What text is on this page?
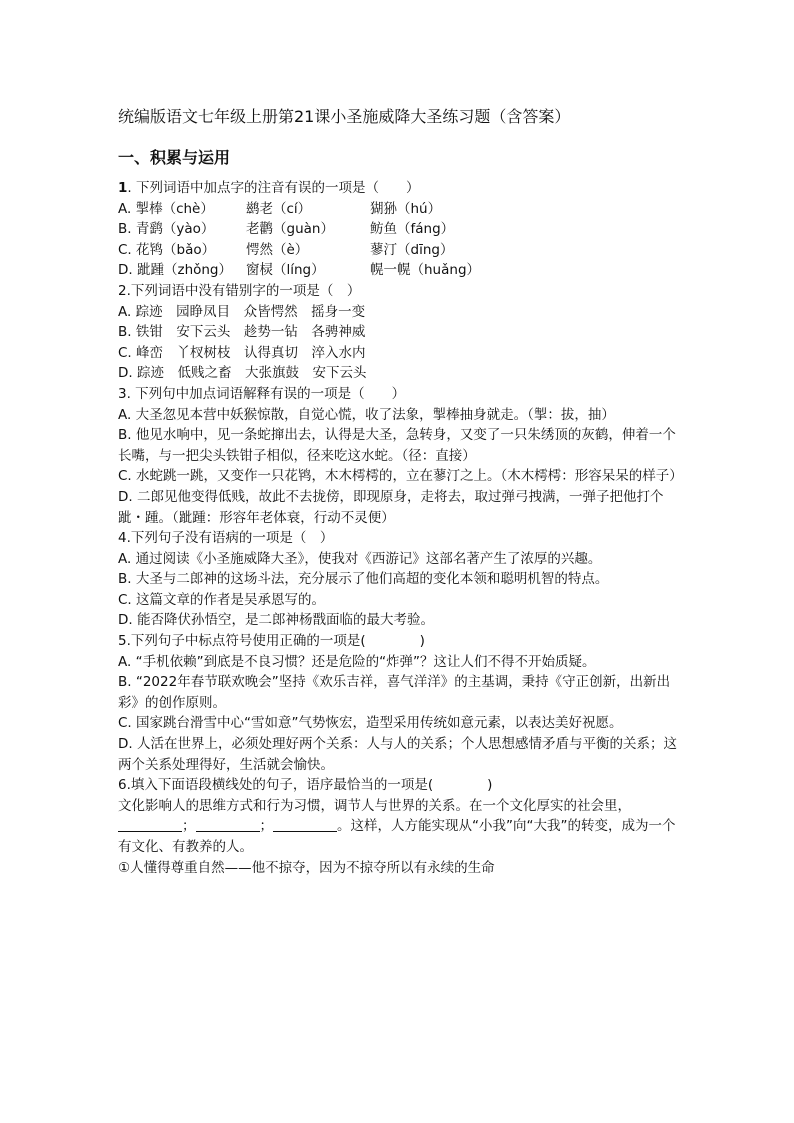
统编版语文七年级上册第21课小圣施威降大圣练习题（含答案）
一、积累与运用
1. 下列词语中加点字的注音有误的一项是（　　）
A. 掣棒（chè）	鹚老（cí）	猢狲（hú）
B. 青鹞（yào）	老鹳（guàn）	鲂鱼（fáng）
C. 花鸨（bǎo）	愕然（è）	蓼汀（dīng）
D. 跐踵（zhǒng）	窗棂（líng）	幌一幌（huǎng）
2.下列词语中没有错别字的一项是（　）
A. 踪迹　园睁凤目　众皆愕然　摇身一变
B. 铁钳　安下云头　趁势一钻　各骋神威
C. 峰峦　丫杈树枝　认得真切　淬入水内
D. 踪迹　低贱之畜　大张旗鼓　安下云头
3. 下列句中加点词语解释有误的一项是（　　）
A. 大圣忽见本营中妖猴惊散，自觉心慌，收了法象，掣棒抽身就走。（掣：拔，抽）
B. 他见水响中，见一条蛇撺出去，认得是大圣，急转身，又变了一只朱绣顶的灰鹤，伸着一个长嘴，与一把尖头铁钳子相似，径来吃这水蛇。（径：直接）
C. 水蛇跳一跳，又变作一只花鸨，木木樗樗的，立在蓼汀之上。（木木樗樗：形容呆呆的样子）
D. 二郎见他变得低贱，故此不去拢傍，即现原身，走将去，取过弹弓拽满，一弹子把他打个跐・踵。（跐踵：形容年老体衰，行动不灵便）
4.下列句子没有语病的一项是（　）
A. 通过阅读《小圣施威降大圣》，使我对《西游记》这部名著产生了浓厚的兴趣。
B. 大圣与二郎神的这场斗法，充分展示了他们高超的变化本领和聪明机智的特点。
C. 这篇文章的作者是吴承恩写的。
D. 能否降伏孙悟空，是二郎神杨戬面临的最大考验。
5.下列句子中标点符号使用正确的一项是(　　　　)
A. “手机依赖”到底是不良习惯？还是危险的“炸弹”？这让人们不得不开始质疑。
B. “2022年春节联欢晚会”坚持《欢乐吉祥，喜气洋洋》的主基调，秉持《守正创新，出新出彩》的创作原则。
C. 国家跳台滑雪中心“雪如意”气势恢宏，造型采用传统如意元素，以表达美好祝愿。
D. 人活在世界上，必须处理好两个关系：人与人的关系；个人思想感情矛盾与平衡的关系；这两个关系处理得好，生活就会愉快。
6.填入下面语段横线处的句子，语序最恰当的一项是(　　　　)
文化影响人的思维方式和行为习惯，调节人与世界的关系。在一个文化厚实的社会里，；	；	。这样，人方能实现从“小我”向“大我”的转变，成为一个有文化、有教养的人。
①人懂得尊重自然——他不掠夺，因为不掠夺所以有永续的生命
